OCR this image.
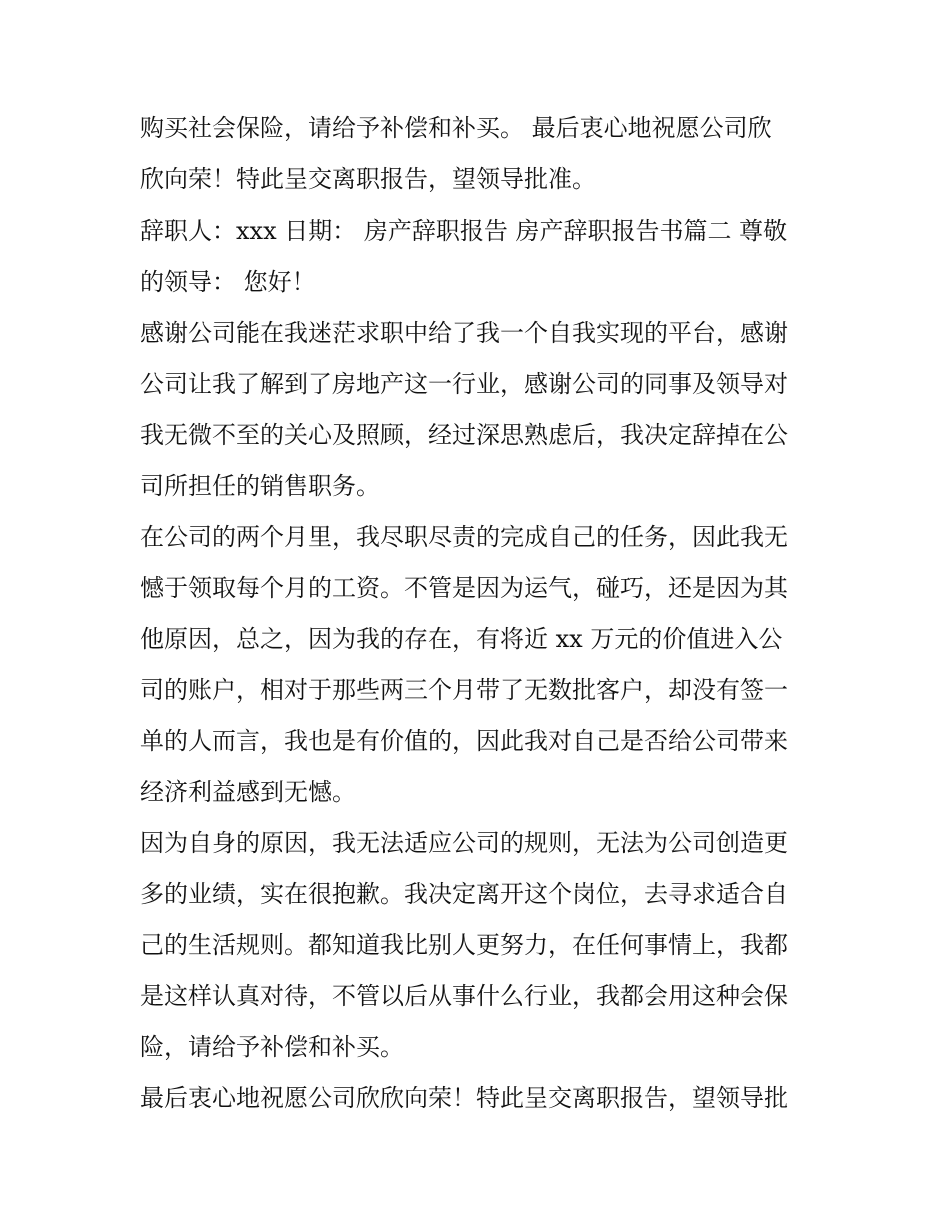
购买社会保险，请给予补偿和补买。 最后衷心地祝愿公司欣
欣向荣！特此呈交离职报告，望领导批准。
辞职人：xxx 日期： 房产辞职报告 房产辞职报告书篇二 尊敬
的领导： 您好！
感谢公司能在我迷茫求职中给了我一个自我实现的平台，感谢
公司让我了解到了房地产这一行业，感谢公司的同事及领导对
我无微不至的关心及照顾，经过深思熟虑后，我决定辞掉在公
司所担任的销售职务。
在公司的两个月里，我尽职尽责的完成自己的任务，因此我无
憾于领取每个月的工资。不管是因为运气，碰巧，还是因为其
他原因，总之，因为我的存在，有将近 xx 万元的价值进入公
司的账户，相对于那些两三个月带了无数批客户，却没有签一
单的人而言，我也是有价值的，因此我对自己是否给公司带来
经济利益感到无憾。
因为自身的原因，我无法适应公司的规则，无法为公司创造更
多的业绩，实在很抱歉。我决定离开这个岗位，去寻求适合自
己的生活规则。都知道我比别人更努力，在任何事情上，我都
是这样认真对待，不管以后从事什么行业，我都会用这种会保
险，请给予补偿和补买。
最后衷心地祝愿公司欣欣向荣！特此呈交离职报告，望领导批
